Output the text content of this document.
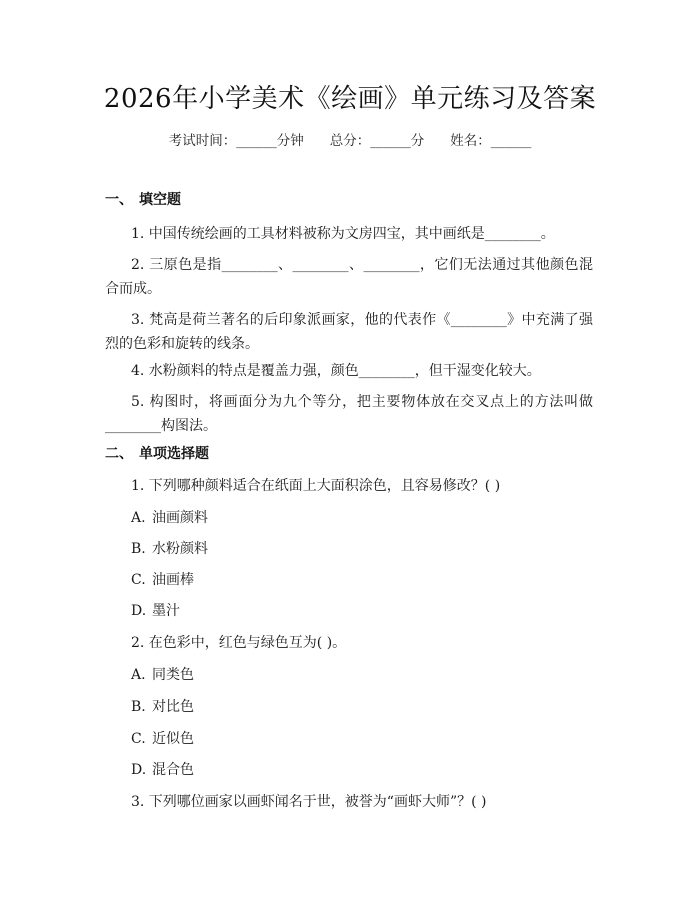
2026年小学美术《绘画》单元练习及答案
考试时间：______分钟 总分：______分 姓名：______
一、 填空题
1. 中国传统绘画的工具材料被称为文房四宝，其中画纸是________。
2. 三原色是指________、________、________，它们无法通过其他颜色混合而成。
3. 梵高是荷兰著名的后印象派画家，他的代表作《________》中充满了强烈的色彩和旋转的线条。
4. 水粉颜料的特点是覆盖力强，颜色________，但干湿变化较大。
5. 构图时，将画面分为九个等分，把主要物体放在交叉点上的方法叫做________构图法。
二、 单项选择题
1. 下列哪种颜料适合在纸面上大面积涂色，且容易修改？( )
A. 油画颜料
B. 水粉颜料
C. 油画棒
D. 墨汁
2. 在色彩中，红色与绿色互为( )。
A. 同类色
B. 对比色
C. 近似色
D. 混合色
3. 下列哪位画家以画虾闻名于世，被誉为“画虾大师”？( )
